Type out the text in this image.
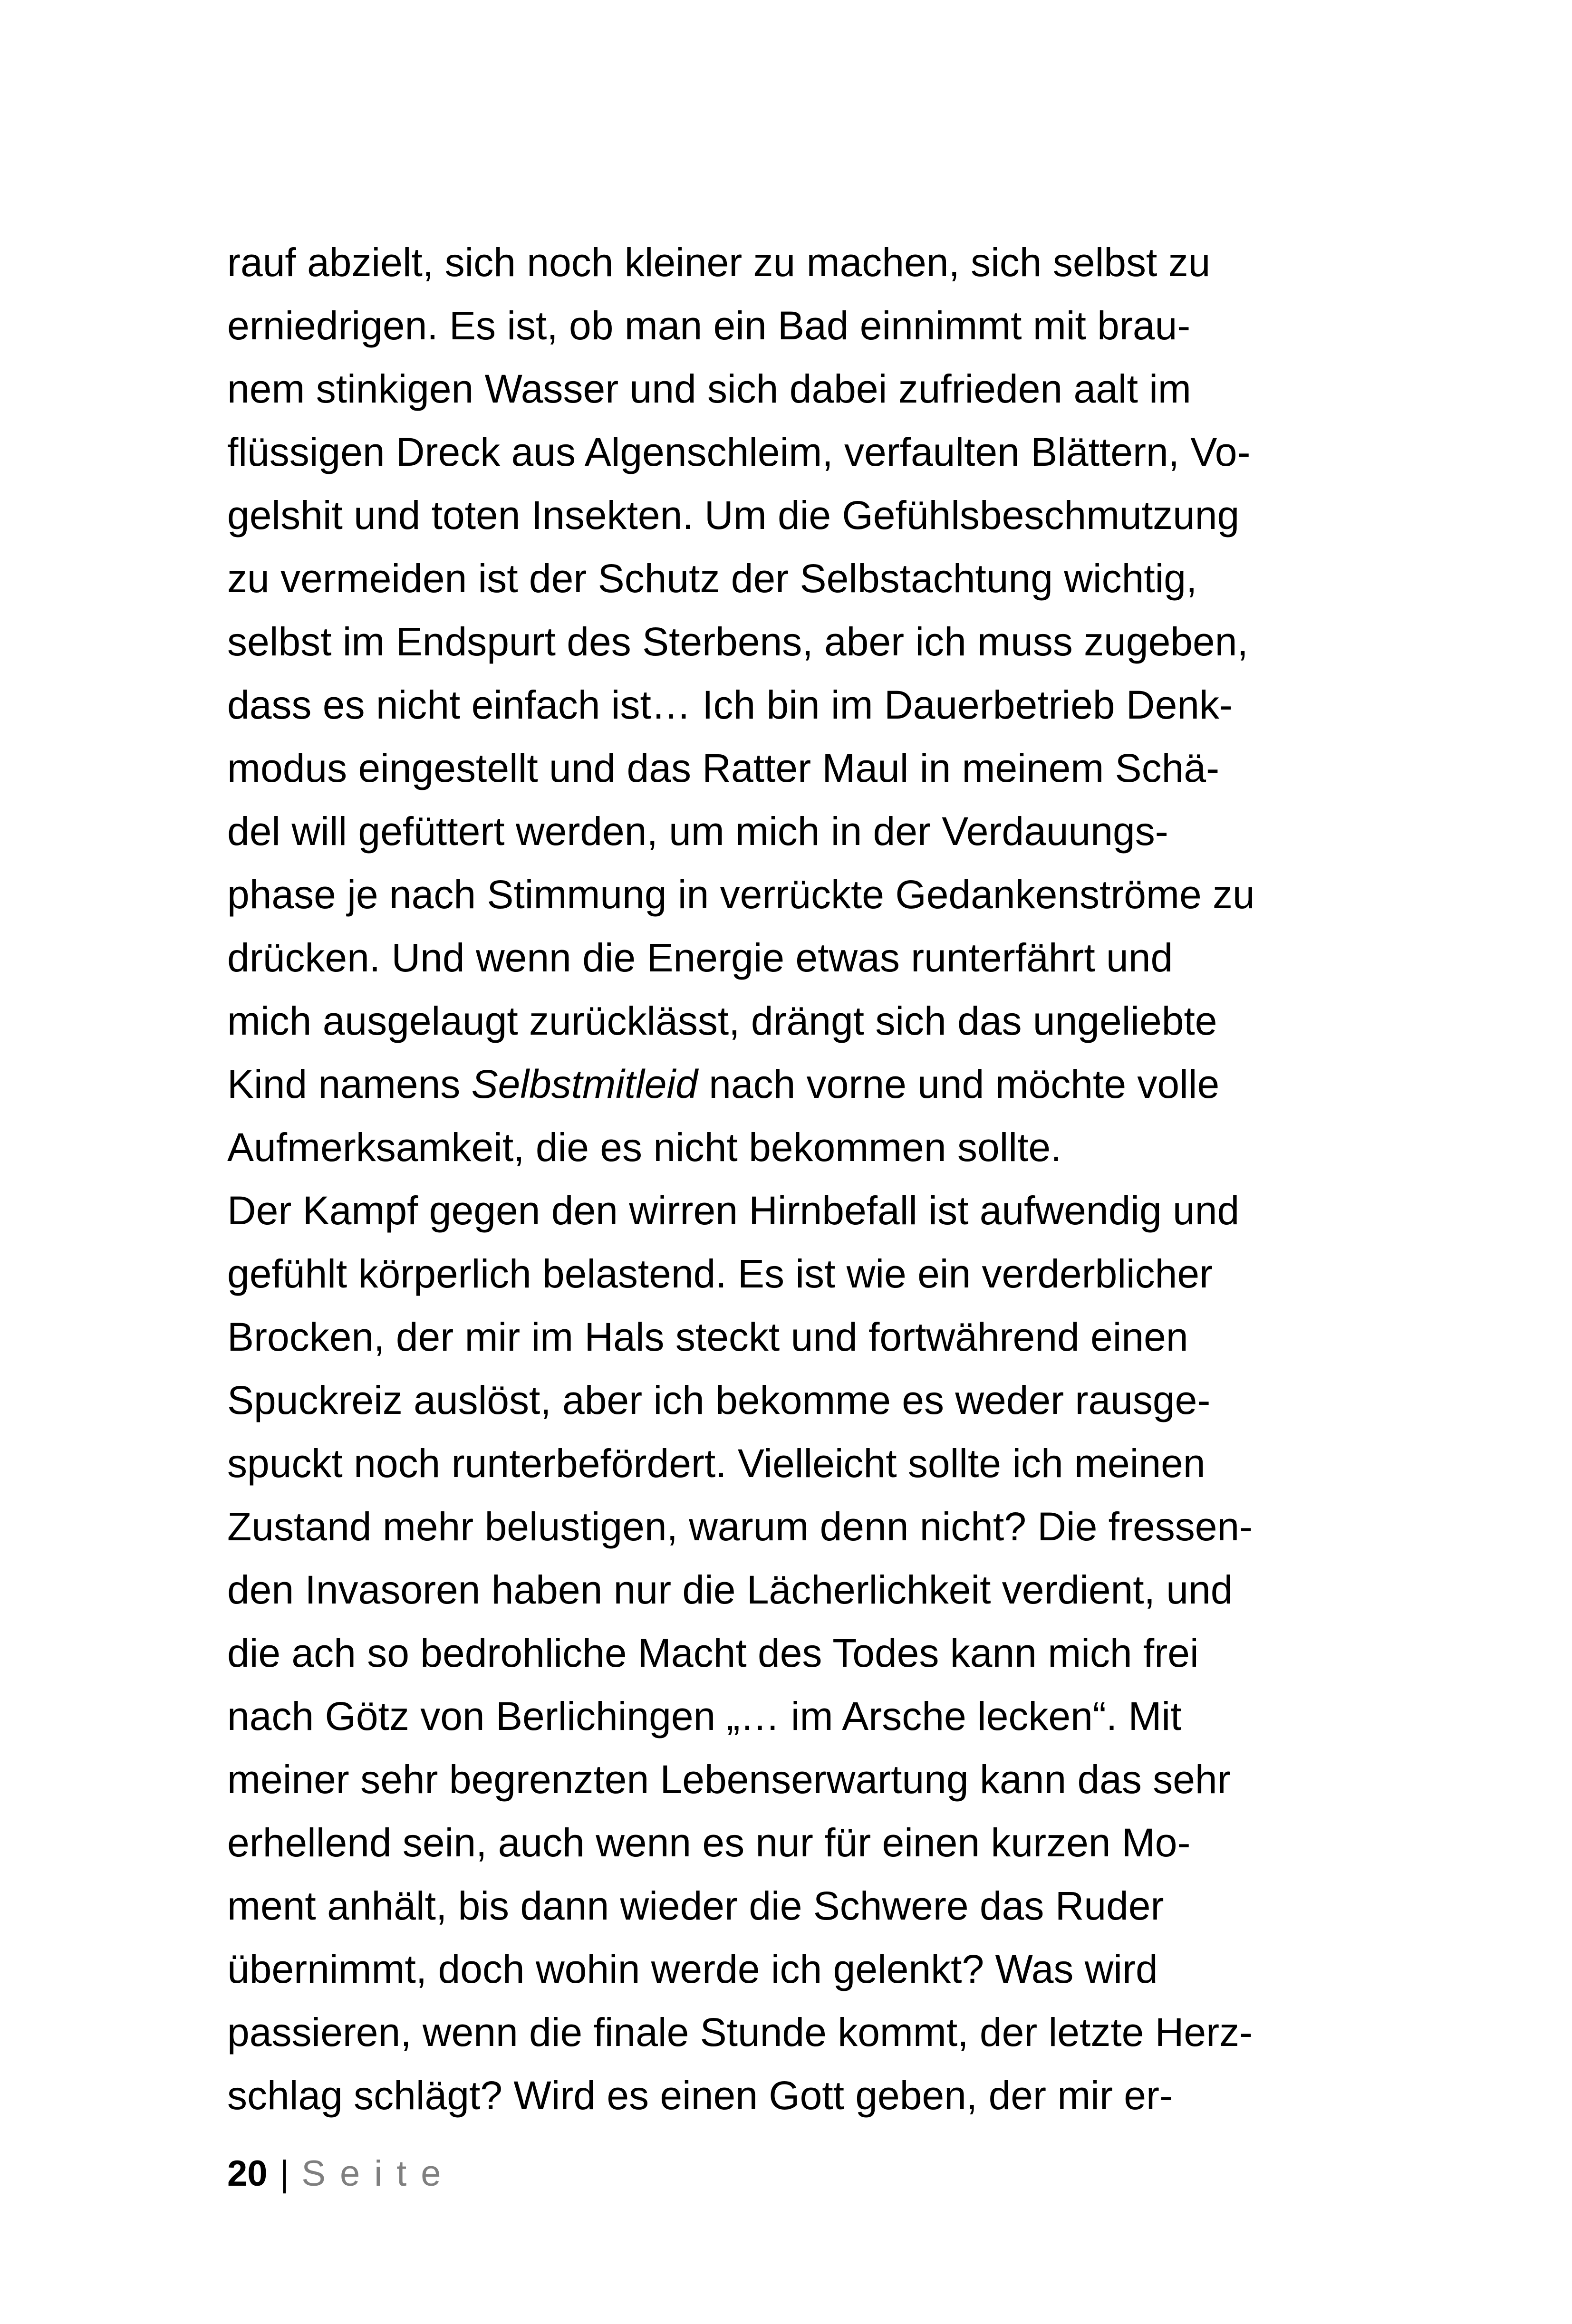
rauf abzielt, sich noch kleiner zu machen, sich selbst zu
erniedrigen. Es ist, ob man ein Bad einnimmt mit brau-
nem stinkigen Wasser und sich dabei zufrieden aalt im
flüssigen Dreck aus Algenschleim, verfaulten Blättern, Vo-
gelshit und toten Insekten. Um die Gefühlsbeschmutzung
zu vermeiden ist der Schutz der Selbstachtung wichtig,
selbst im Endspurt des Sterbens, aber ich muss zugeben,
dass es nicht einfach ist… Ich bin im Dauerbetrieb Denk-
modus eingestellt und das Ratter Maul in meinem Schä-
del will gefüttert werden, um mich in der Verdauungs-
phase je nach Stimmung in verrückte Gedankenströme zu
drücken. Und wenn die Energie etwas runterfährt und
mich ausgelaugt zurücklässt, drängt sich das ungeliebte
Kind namens Selbstmitleid nach vorne und möchte volle
Aufmerksamkeit, die es nicht bekommen sollte.
Der Kampf gegen den wirren Hirnbefall ist aufwendig und
gefühlt körperlich belastend. Es ist wie ein verderblicher
Brocken, der mir im Hals steckt und fortwährend einen
Spuckreiz auslöst, aber ich bekomme es weder rausge-
spuckt noch runterbefördert. Vielleicht sollte ich meinen
Zustand mehr belustigen, warum denn nicht? Die fressen-
den Invasoren haben nur die Lächerlichkeit verdient, und
die ach so bedrohliche Macht des Todes kann mich frei
nach Götz von Berlichingen „… im Arsche lecken“. Mit
meiner sehr begrenzten Lebenserwartung kann das sehr
erhellend sein, auch wenn es nur für einen kurzen Mo-
ment anhält, bis dann wieder die Schwere das Ruder
übernimmt, doch wohin werde ich gelenkt? Was wird
passieren, wenn die finale Stunde kommt, der letzte Herz-
schlag schlägt? Wird es einen Gott geben, der mir er-
20 | Seite
